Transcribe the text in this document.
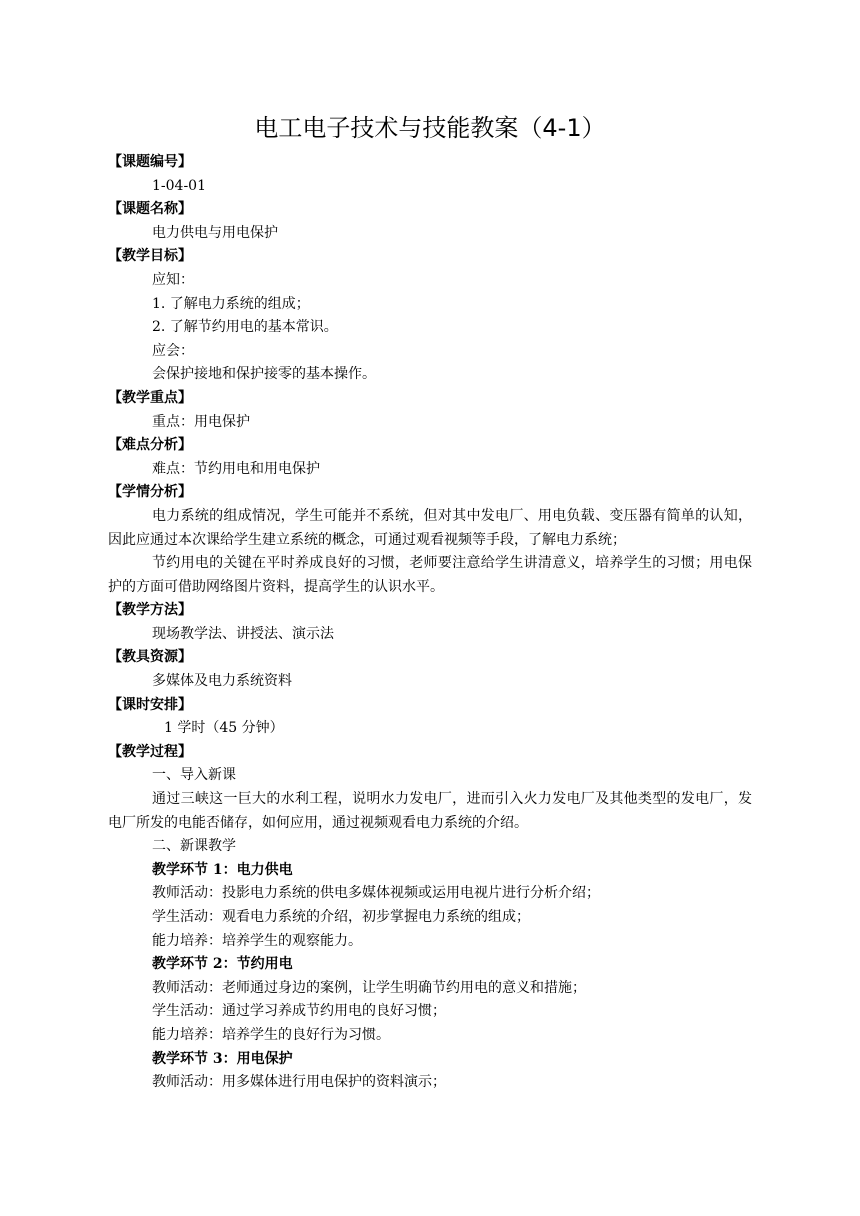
电工电子技术与技能教案（4-1）

【课题编号】

1-04-01

【课题名称】

电力供电与用电保护

【教学目标】

应知：

1. 了解电力系统的组成；

2. 了解节约用电的基本常识。

应会：

会保护接地和保护接零的基本操作。

【教学重点】

重点：用电保护

【难点分析】

难点：节约用电和用电保护

【学情分析】

电力系统的组成情况，学生可能并不系统，但对其中发电厂、用电负载、变压器有简单的认知，因此应通过本次课给学生建立系统的概念，可通过观看视频等手段，了解电力系统；

节约用电的关键在平时养成良好的习惯，老师要注意给学生讲清意义，培养学生的习惯；用电保护的方面可借助网络图片资料，提高学生的认识水平。

【教学方法】

现场教学法、讲授法、演示法

【教具资源】

多媒体及电力系统资料

【课时安排】

1 学时（45 分钟）

【教学过程】

一、导入新课

通过三峡这一巨大的水利工程，说明水力发电厂，进而引入火力发电厂及其他类型的发电厂，发电厂所发的电能否储存，如何应用，通过视频观看电力系统的介绍。

二、新课教学

教学环节 1：电力供电

教师活动：投影电力系统的供电多媒体视频或运用电视片进行分析介绍；

学生活动：观看电力系统的介绍，初步掌握电力系统的组成；

能力培养：培养学生的观察能力。

教学环节 2：节约用电

教师活动：老师通过身边的案例，让学生明确节约用电的意义和措施；

学生活动：通过学习养成节约用电的良好习惯；

能力培养：培养学生的良好行为习惯。

教学环节 3：用电保护

教师活动：用多媒体进行用电保护的资料演示；
